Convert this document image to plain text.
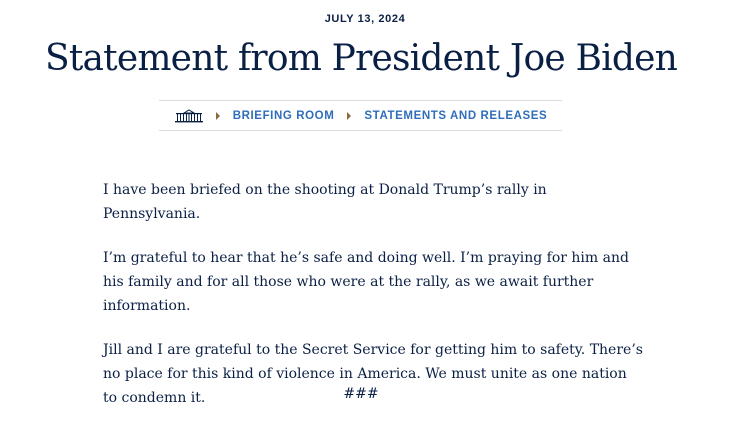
JULY 13, 2024
Statement from President Joe Biden
BRIEFING ROOM	STATEMENTS AND RELEASES

I have been briefed on the shooting at Donald Trump’s rally in Pennsylvania.

I’m grateful to hear that he’s safe and doing well. I’m praying for him and his family and for all those who were at the rally, as we await further information.

Jill and I are grateful to the Secret Service for getting him to safety. There’s no place for this kind of violence in America. We must unite as one nation to condemn it.	###
